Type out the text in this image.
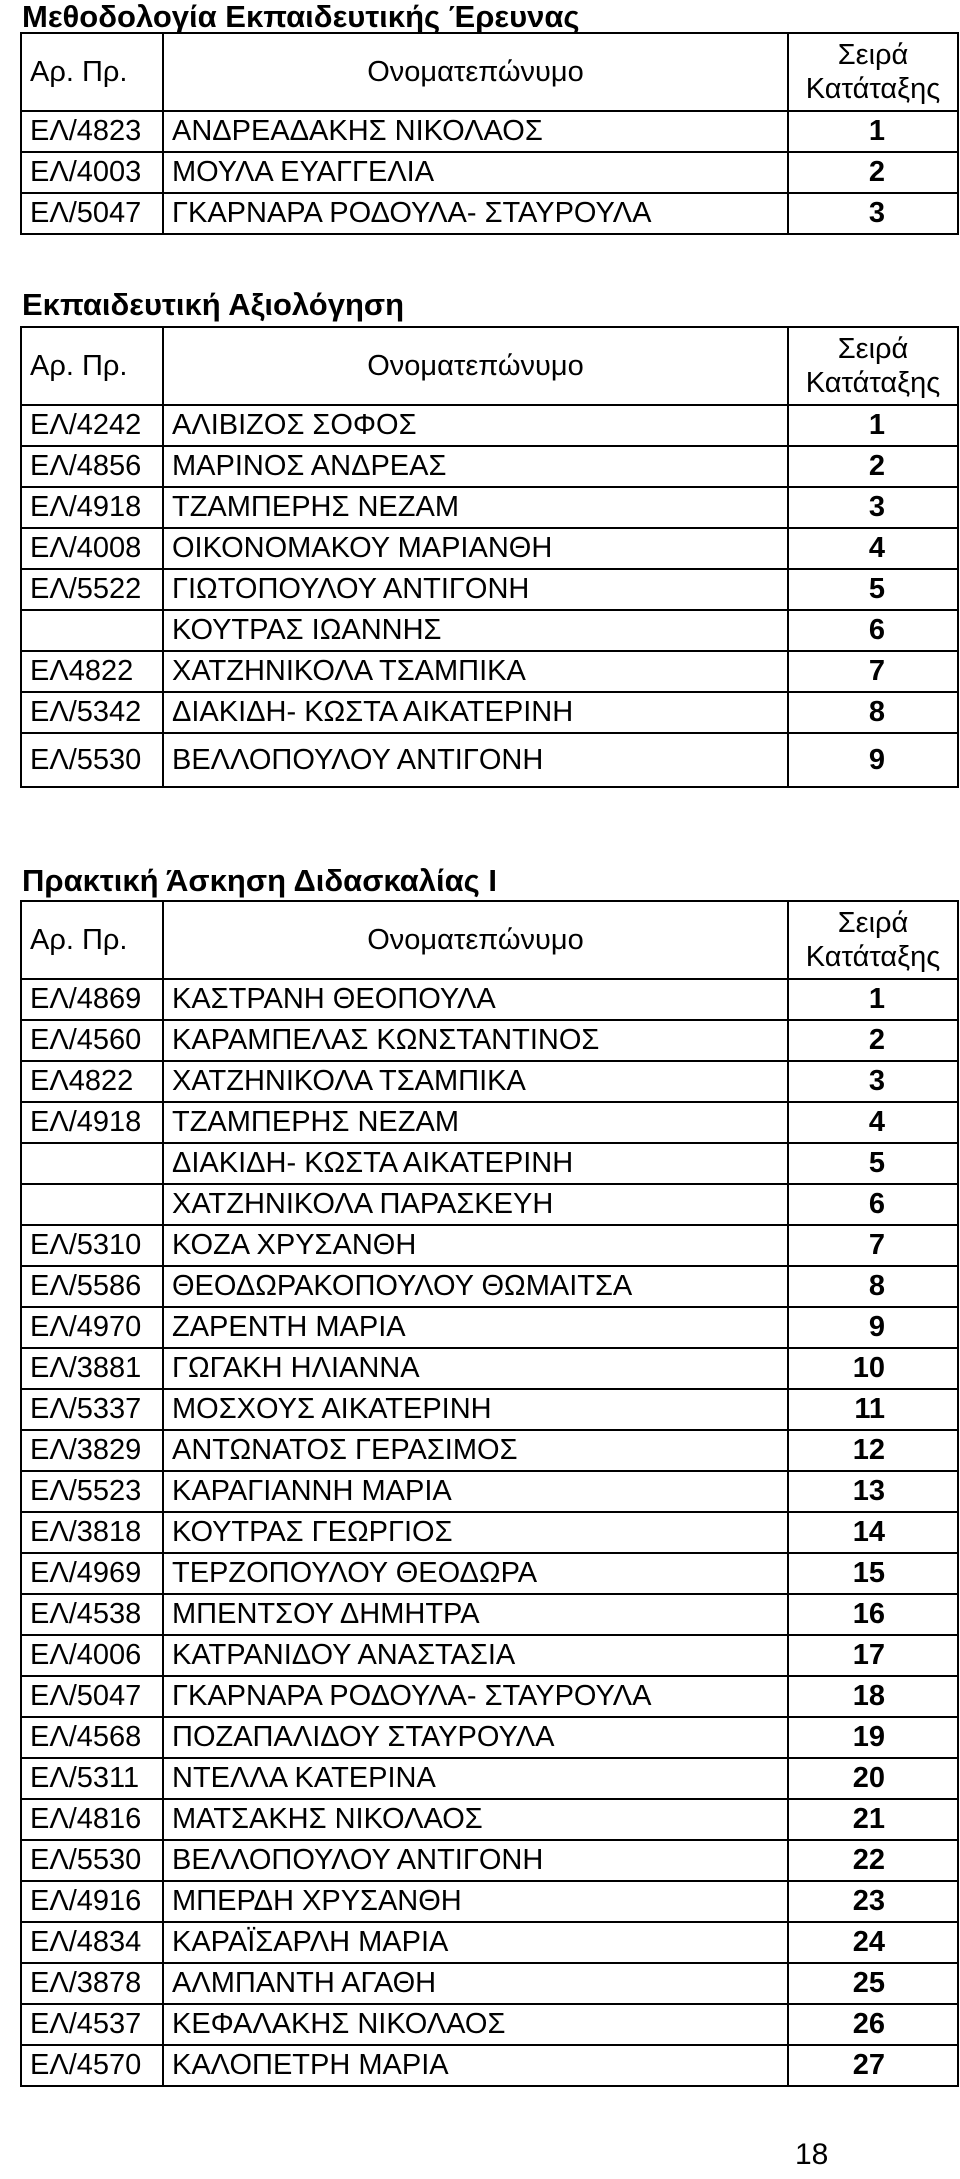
Μεθοδολογία Εκπαιδευτικής Έρευνας
Αρ. Πρ.	Ονοματεπώνυμο	Σειρά
Κατάταξης
ΕΛ/4823	ΑΝΔΡΕΑΔΑΚΗΣ ΝΙΚΟΛΑΟΣ	1
ΕΛ/4003	ΜΟΥΛΑ ΕΥΑΓΓΕΛΙΑ	2
ΕΛ/5047	ΓΚΑΡΝΑΡΑ ΡΟΔΟΥΛΑ- ΣΤΑΥΡΟΥΛΑ	3
Εκπαιδευτική Αξιολόγηση
Αρ. Πρ.	Ονοματεπώνυμο	Σειρά
Κατάταξης
ΕΛ/4242	ΑΛΙΒΙΖΟΣ ΣΟΦΟΣ	1
ΕΛ/4856	ΜΑΡΙΝΟΣ ΑΝΔΡΕΑΣ	2
ΕΛ/4918	ΤΖΑΜΠΕΡΗΣ ΝΕΖΑΜ	3
ΕΛ/4008	ΟΙΚΟΝΟΜΑΚΟΥ ΜΑΡΙΑΝΘΗ	4
ΕΛ/5522	ΓΙΩΤΟΠΟΥΛΟΥ ΑΝΤΙΓΟΝΗ	5
	ΚΟΥΤΡΑΣ ΙΩΑΝΝΗΣ	6
ΕΛ4822	ΧΑΤΖΗΝΙΚΟΛΑ ΤΣΑΜΠΙΚΑ	7
ΕΛ/5342	ΔΙΑΚΙΔΗ- ΚΩΣΤΑ ΑΙΚΑΤΕΡΙΝΗ	8
ΕΛ/5530	ΒΕΛΛΟΠΟΥΛΟΥ ΑΝΤΙΓΟΝΗ	9
Πρακτική Άσκηση Διδασκαλίας Ι
Αρ. Πρ.	Ονοματεπώνυμο	Σειρά
Κατάταξης
ΕΛ/4869	ΚΑΣΤΡΑΝΗ ΘΕΟΠΟΥΛΑ	1
ΕΛ/4560	ΚΑΡΑΜΠΕΛΑΣ ΚΩΝΣΤΑΝΤΙΝΟΣ	2
ΕΛ4822	ΧΑΤΖΗΝΙΚΟΛΑ ΤΣΑΜΠΙΚΑ	3
ΕΛ/4918	ΤΖΑΜΠΕΡΗΣ ΝΕΖΑΜ	4
	ΔΙΑΚΙΔΗ- ΚΩΣΤΑ ΑΙΚΑΤΕΡΙΝΗ	5
	ΧΑΤΖΗΝΙΚΟΛΑ ΠΑΡΑΣΚΕΥΗ	6
ΕΛ/5310	ΚΟΖΑ ΧΡΥΣΑΝΘΗ	7
ΕΛ/5586	ΘΕΟΔΩΡΑΚΟΠΟΥΛΟΥ ΘΩΜΑΙΤΣΑ	8
ΕΛ/4970	ΖΑΡΕΝΤΗ ΜΑΡΙΑ	9
ΕΛ/3881	ΓΩΓΑΚΗ ΗΛΙΑΝΝΑ	10
ΕΛ/5337	ΜΟΣΧΟΥΣ ΑΙΚΑΤΕΡΙΝΗ	11
ΕΛ/3829	ΑΝΤΩΝΑΤΟΣ ΓΕΡΑΣΙΜΟΣ	12
ΕΛ/5523	ΚΑΡΑΓΙΑΝΝΗ ΜΑΡΙΑ	13
ΕΛ/3818	ΚΟΥΤΡΑΣ ΓΕΩΡΓΙΟΣ	14
ΕΛ/4969	ΤΕΡΖΟΠΟΥΛΟΥ ΘΕΟΔΩΡΑ	15
ΕΛ/4538	ΜΠΕΝΤΣΟΥ ΔΗΜΗΤΡΑ	16
ΕΛ/4006	ΚΑΤΡΑΝΙΔΟΥ ΑΝΑΣΤΑΣΙΑ	17
ΕΛ/5047	ΓΚΑΡΝΑΡΑ ΡΟΔΟΥΛΑ- ΣΤΑΥΡΟΥΛΑ	18
ΕΛ/4568	ΠΟΖΑΠΑΛΙΔΟΥ ΣΤΑΥΡΟΥΛΑ	19
ΕΛ/5311	ΝΤΕΛΛΑ ΚΑΤΕΡΙΝΑ	20
ΕΛ/4816	ΜΑΤΣΑΚΗΣ ΝΙΚΟΛΑΟΣ	21
ΕΛ/5530	ΒΕΛΛΟΠΟΥΛΟΥ ΑΝΤΙΓΟΝΗ	22
ΕΛ/4916	ΜΠΕΡΔΗ ΧΡΥΣΑΝΘΗ	23
ΕΛ/4834	ΚΑΡΑΪΣΑΡΛΗ ΜΑΡΙΑ	24
ΕΛ/3878	ΑΛΜΠΑΝΤΗ ΑΓΑΘΗ	25
ΕΛ/4537	ΚΕΦΑΛΑΚΗΣ ΝΙΚΟΛΑΟΣ	26
ΕΛ/4570	ΚΑΛΟΠΕΤΡΗ ΜΑΡΙΑ	27
18
